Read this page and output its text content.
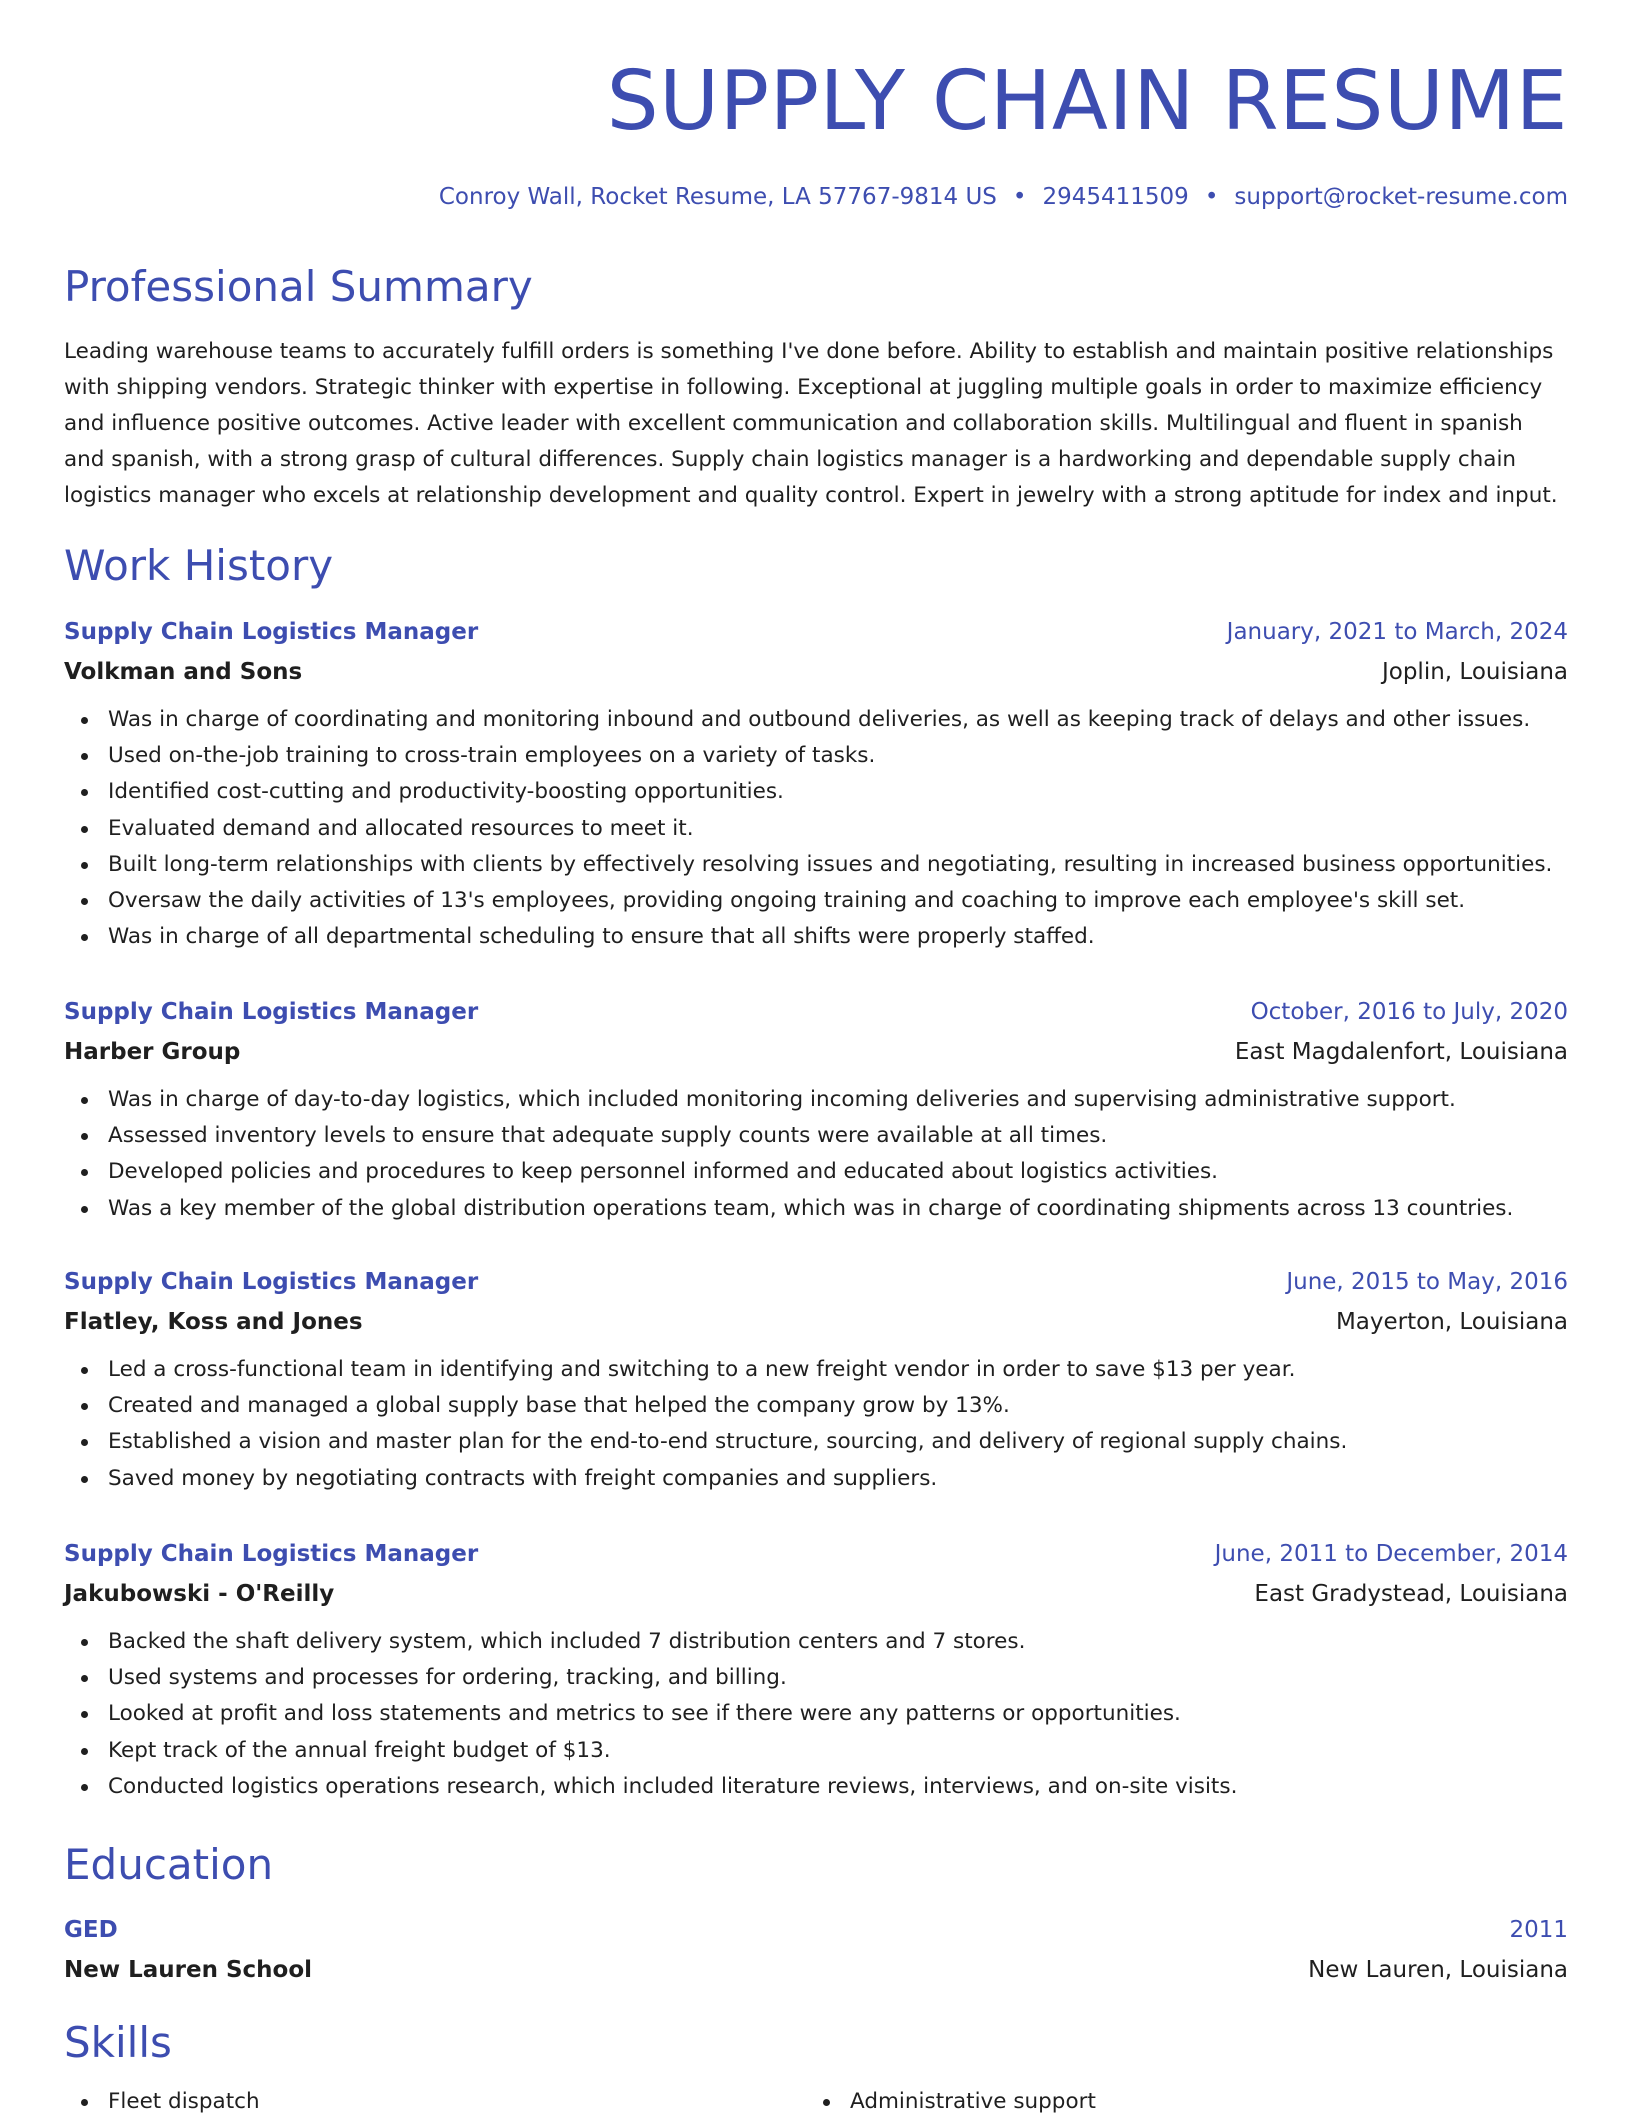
SUPPLY CHAIN RESUME
Conroy Wall, Rocket Resume, LA 57767-9814 US • 2945411509 • support@rocket-resume.com
Professional Summary

Leading warehouse teams to accurately fulfill orders is something I've done before. Ability to establish and maintain positive relationships with shipping vendors. Strategic thinker with expertise in following. Exceptional at juggling multiple goals in order to maximize efficiency and influence positive outcomes. Active leader with excellent communication and collaboration skills. Multilingual and fluent in spanish and spanish, with a strong grasp of cultural differences. Supply chain logistics manager is a hardworking and dependable supply chain logistics manager who excels at relationship development and quality control. Expert in jewelry with a strong aptitude for index and input.

Work History
Supply Chain Logistics Manager	January, 2021 to March, 2024
Volkman and Sons	Joplin, Louisiana
Was in charge of coordinating and monitoring inbound and outbound deliveries, as well as keeping track of delays and other issues.
Used on-the-job training to cross-train employees on a variety of tasks.
Identified cost-cutting and productivity-boosting opportunities.
Evaluated demand and allocated resources to meet it.
Built long-term relationships with clients by effectively resolving issues and negotiating, resulting in increased business opportunities.
Oversaw the daily activities of 13's employees, providing ongoing training and coaching to improve each employee's skill set.
Was in charge of all departmental scheduling to ensure that all shifts were properly staffed.
Supply Chain Logistics Manager	October, 2016 to July, 2020
Harber Group	East Magdalenfort, Louisiana
Was in charge of day-to-day logistics, which included monitoring incoming deliveries and supervising administrative support.
Assessed inventory levels to ensure that adequate supply counts were available at all times.
Developed policies and procedures to keep personnel informed and educated about logistics activities.
Was a key member of the global distribution operations team, which was in charge of coordinating shipments across 13 countries.
Supply Chain Logistics Manager	June, 2015 to May, 2016
Flatley, Koss and Jones	Mayerton, Louisiana
Led a cross-functional team in identifying and switching to a new freight vendor in order to save $13 per year.
Created and managed a global supply base that helped the company grow by 13%.
Established a vision and master plan for the end-to-end structure, sourcing, and delivery of regional supply chains.
Saved money by negotiating contracts with freight companies and suppliers.
Supply Chain Logistics Manager	June, 2011 to December, 2014
Jakubowski - O'Reilly	East Gradystead, Louisiana
Backed the shaft delivery system, which included 7 distribution centers and 7 stores.
Used systems and processes for ordering, tracking, and billing.
Looked at profit and loss statements and metrics to see if there were any patterns or opportunities.
Kept track of the annual freight budget of $13.
Conducted logistics operations research, which included literature reviews, interviews, and on-site visits.
Education
GED	2011
New Lauren School	New Lauren, Louisiana
Skills
Fleet dispatch	Administrative support
